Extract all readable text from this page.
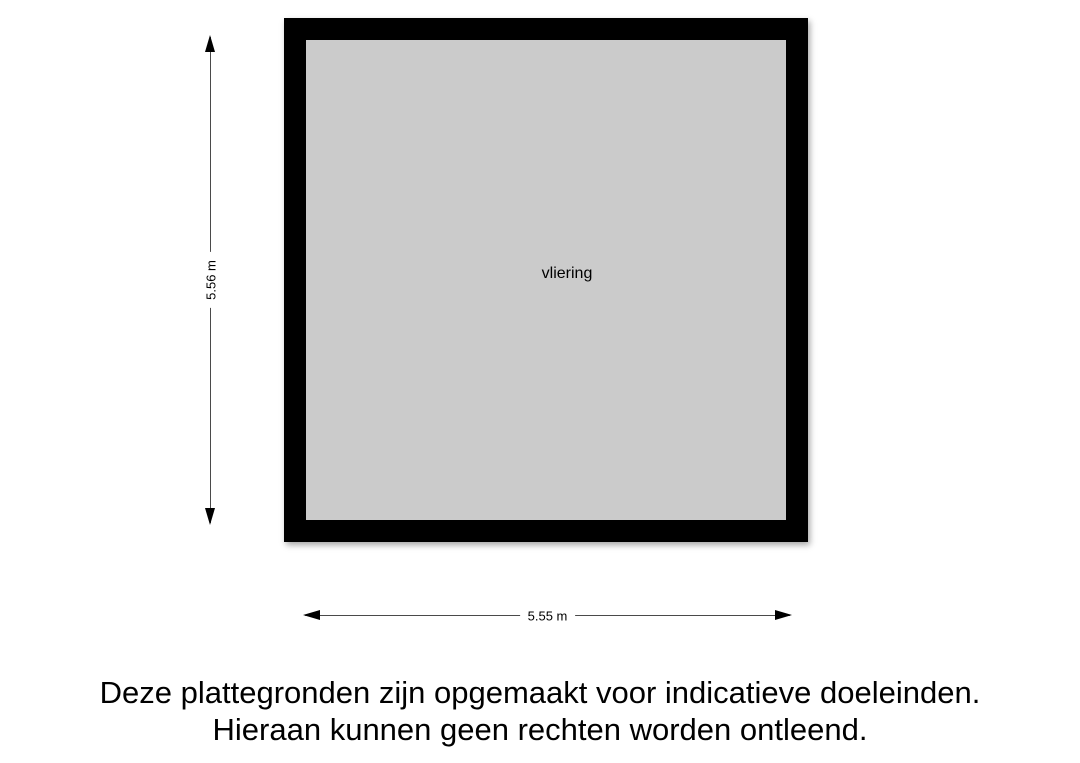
vliering
5.56 m
5.55 m
Deze plattegronden zijn opgemaakt voor indicatieve doeleinden.
Hieraan kunnen geen rechten worden ontleend.
